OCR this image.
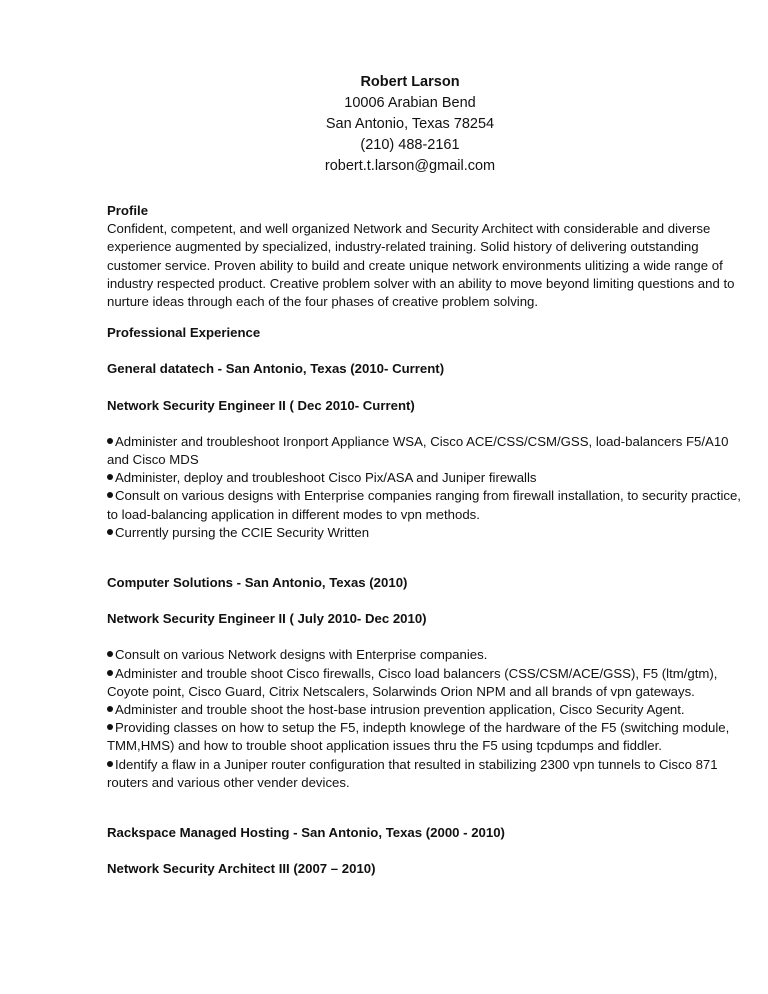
Robert Larson
10006 Arabian Bend
San Antonio, Texas 78254
(210) 488-2161
robert.t.larson@gmail.com

Profile

Confident, competent, and well organized Network and Security Architect with considerable and diverse experience augmented by specialized, industry-related training. Solid history of delivering outstanding customer service. Proven ability to build and create unique network environments ulitizing a wide range of industry respected product. Creative problem solver with an ability to move beyond limiting questions and to nurture ideas through each of the four phases of creative problem solving.

Professional Experience

General datatech - San Antonio, Texas (2010- Current)

Network Security Engineer II ( Dec 2010- Current)

Administer and troubleshoot Ironport Appliance WSA, Cisco ACE/CSS/CSM/GSS, load-balancers F5/A10 and Cisco MDS
Administer, deploy and troubleshoot Cisco Pix/ASA and Juniper firewalls
Consult on various designs with Enterprise companies ranging from firewall installation, to security practice, to load-balancing application in different modes to vpn methods.
Currently pursing the CCIE Security Written

Computer Solutions - San Antonio, Texas (2010)

Network Security Engineer II ( July 2010- Dec 2010)

Consult on various Network designs with Enterprise companies.
Administer and trouble shoot Cisco firewalls, Cisco load balancers (CSS/CSM/ACE/GSS), F5 (ltm/gtm), Coyote point, Cisco Guard, Citrix Netscalers, Solarwinds Orion NPM and all brands of vpn gateways.
Administer and trouble shoot the host-base intrusion prevention application, Cisco Security Agent.
Providing classes on how to setup the F5, indepth knowlege of the hardware of the F5 (switching module, TMM,HMS) and how to trouble shoot application issues thru the F5 using tcpdumps and fiddler.
Identify a flaw in a Juniper router configuration that resulted in stabilizing 2300 vpn tunnels to Cisco 871 routers and various other vender devices.

Rackspace Managed Hosting - San Antonio, Texas (2000 - 2010)

Network Security Architect III (2007 – 2010)
